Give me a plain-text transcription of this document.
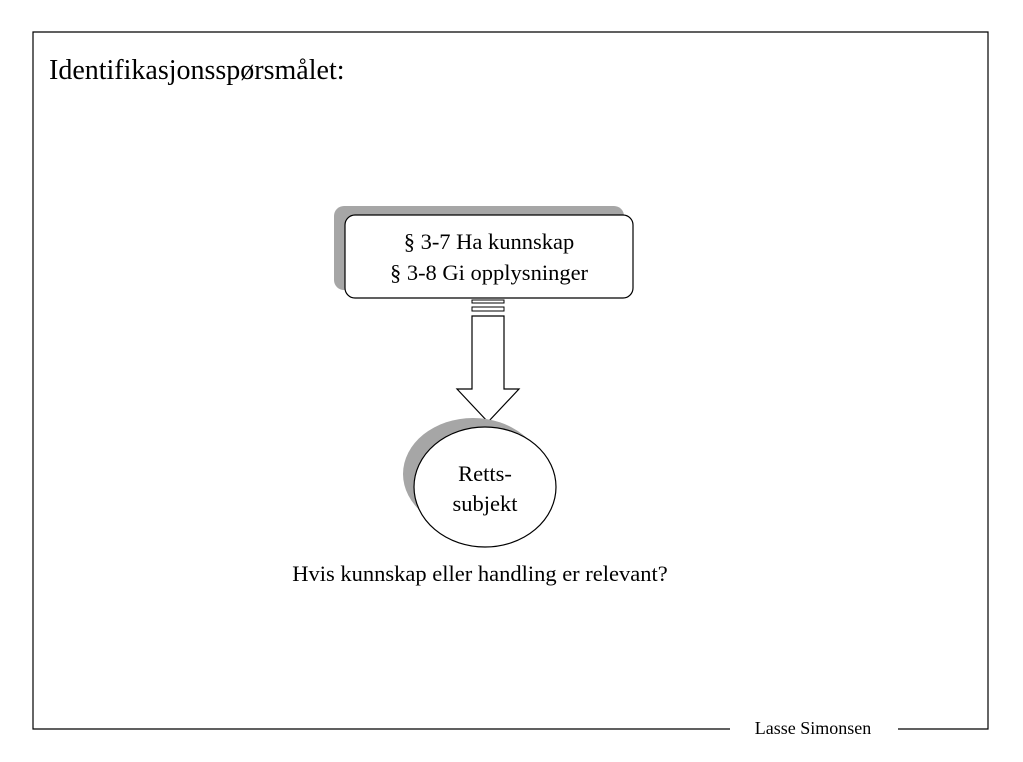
Identifikasjonsspørsmålet:
§ 3-7 Ha kunnskap
§ 3-8 Gi opplysninger
Retts-
subjekt
Hvis kunnskap eller handling er relevant?
Lasse Simonsen
